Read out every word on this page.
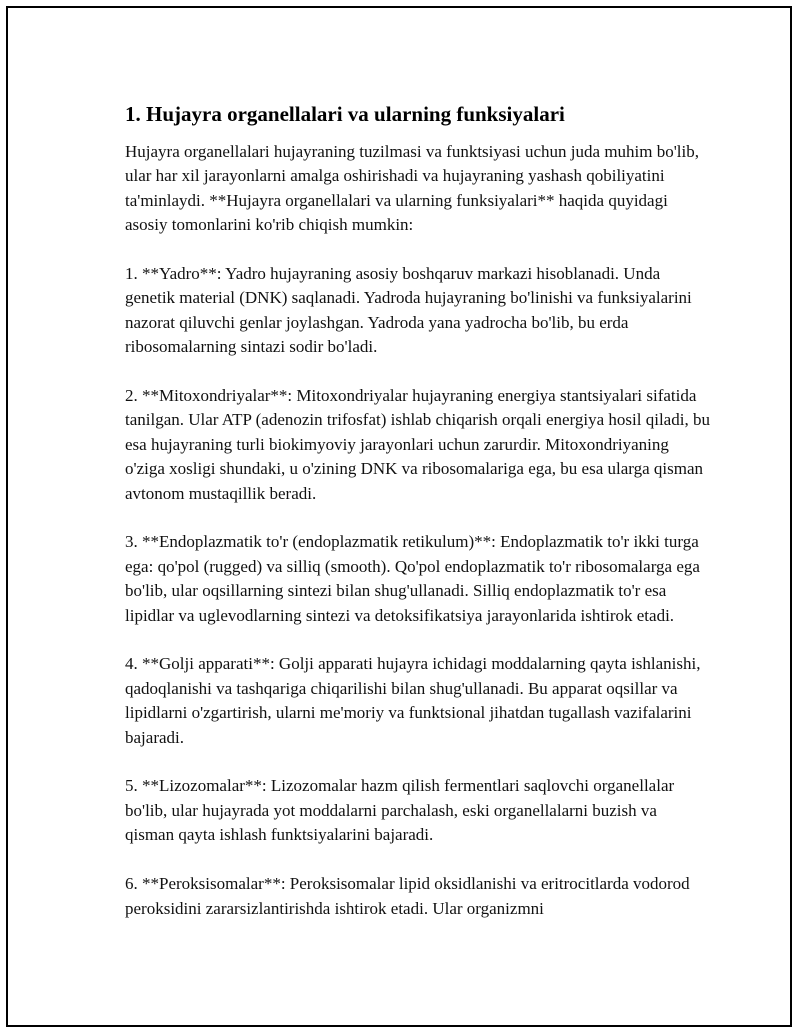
1. Hujayra organellalari va ularning funksiyalari

Hujayra organellalari hujayraning tuzilmasi va funktsiyasi uchun juda muhim bo'lib, ular har xil jarayonlarni amalga oshirishadi va hujayraning yashash qobiliyatini ta'minlaydi. **Hujayra organellalari va ularning funksiyalari** haqida quyidagi asosiy tomonlarini ko'rib chiqish mumkin:

1. **Yadro**: Yadro hujayraning asosiy boshqaruv markazi hisoblanadi. Unda genetik material (DNK) saqlanadi. Yadroda hujayraning bo'linishi va funksiyalarini nazorat qiluvchi genlar joylashgan. Yadroda yana yadrocha bo'lib, bu erda ribosomalarning sintazi sodir bo'ladi.

2. **Mitoxondriyalar**: Mitoxondriyalar hujayraning energiya stantsiyalari sifatida tanilgan. Ular ATP (adenozin trifosfat) ishlab chiqarish orqali energiya hosil qiladi, bu esa hujayraning turli biokimyoviy jarayonlari uchun zarurdir. Mitoxondriyaning o'ziga xosligi shundaki, u o'zining DNK va ribosomalariga ega, bu esa ularga qisman avtonom mustaqillik beradi.

3. **Endoplazmatik to'r (endoplazmatik retikulum)**: Endoplazmatik to'r ikki turga ega: qo'pol (rugged) va silliq (smooth). Qo'pol endoplazmatik to'r ribosomalarga ega bo'lib, ular oqsillarning sintezi bilan shug'ullanadi. Silliq endoplazmatik to'r esa lipidlar va uglevodlarning sintezi va detoksifikatsiya jarayonlarida ishtirok etadi.

4. **Golji apparati**: Golji apparati hujayra ichidagi moddalarning qayta ishlanishi, qadoqlanishi va tashqariga chiqarilishi bilan shug'ullanadi. Bu apparat oqsillar va lipidlarni o'zgartirish, ularni me'moriy va funktsional jihatdan tugallash vazifalarini bajaradi.

5. **Lizozomalar**: Lizozomalar hazm qilish fermentlari saqlovchi organellalar bo'lib, ular hujayrada yot moddalarni parchalash, eski organellalarni buzish va qisman qayta ishlash funktsiyalarini bajaradi.

6. **Peroksisomalar**: Peroksisomalar lipid oksidlanishi va eritrocitlarda vodorod peroksidini zararsizlantirishda ishtirok etadi. Ular organizmni
